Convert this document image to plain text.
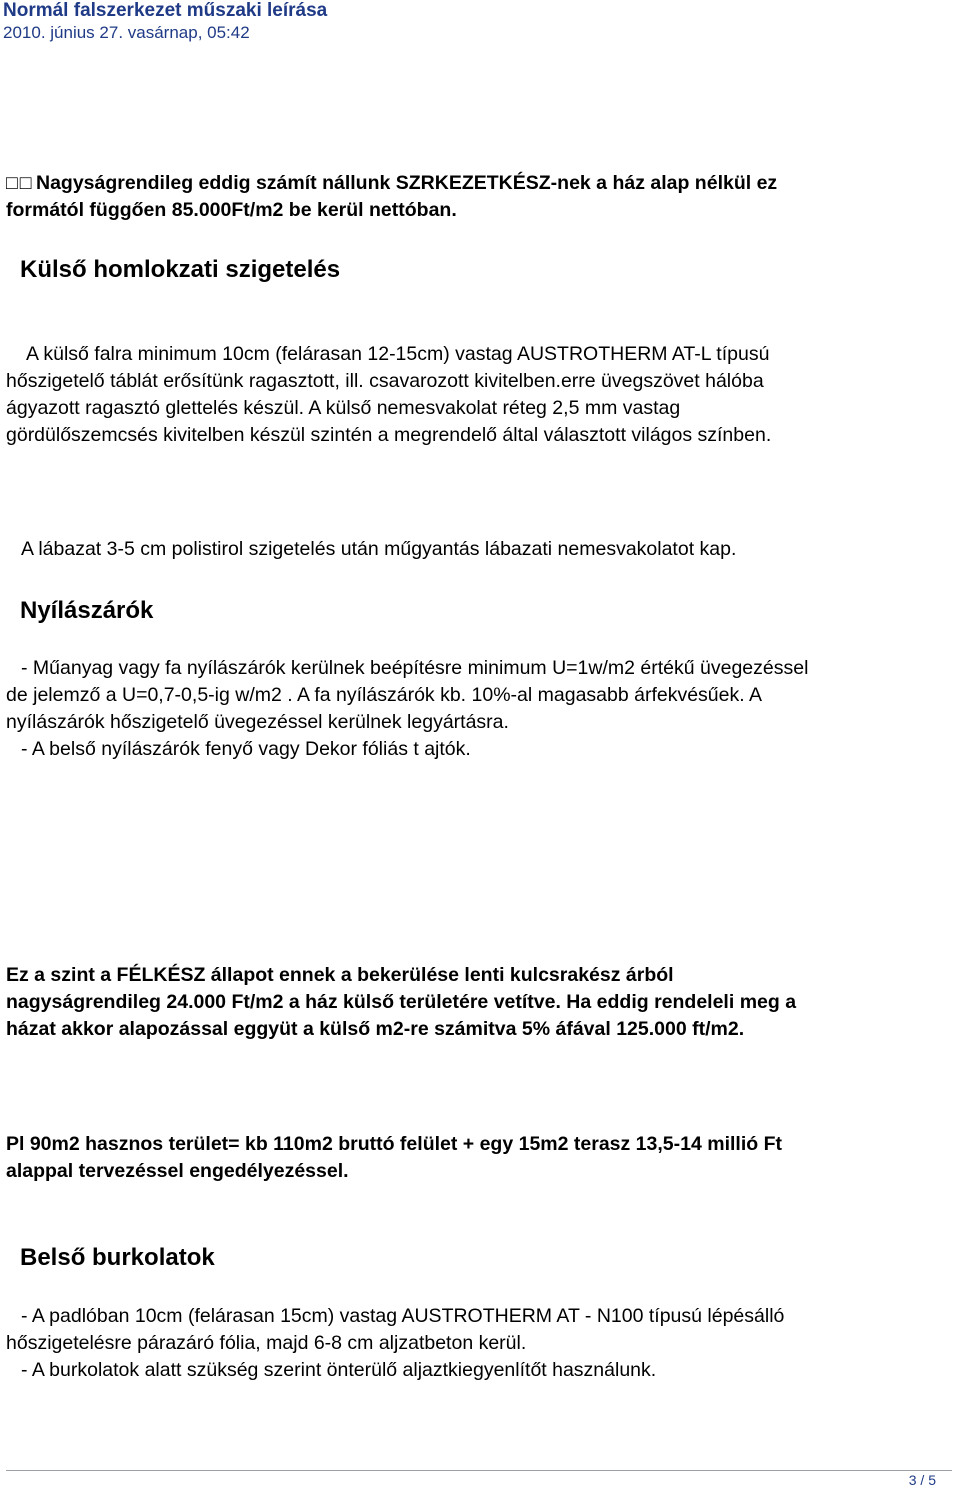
Normál falszerkezet műszaki leírása
2010. június 27. vasárnap, 05:42
□□ Nagyságrendileg eddig számít nállunk SZRKEZETKÉSZ-nek a ház alap nélkül ez
formától függően 85.000Ft/m2 be kerül nettóban.
Külső homlokzati szigetelés
A külső falra minimum 10cm (felárasan 12-15cm) vastag AUSTROTHERM AT-L típusú
hőszigetelő táblát erősítünk ragasztott, ill. csavarozott kivitelben.erre üvegszövet hálóba
ágyazott ragasztó glettelés készül. A külső nemesvakolat réteg 2,5 mm vastag
gördülőszemcsés kivitelben készül szintén a megrendelő által választott világos színben.
A lábazat 3-5 cm polistirol szigetelés után műgyantás lábazati nemesvakolatot kap.
Nyílászárók
- Műanyag vagy fa nyílászárók kerülnek beépítésre minimum U=1w/m2 értékű üvegezéssel
de jelemző a U=0,7-0,5-ig w/m2 . A fa nyílászárók kb. 10%-al magasabb árfekvésűek. A
nyílászárók hőszigetelő üvegezéssel kerülnek legyártásra.
- A belső nyílászárók fenyő vagy Dekor fóliás t ajtók.
Ez a szint a FÉLKÉSZ állapot ennek a bekerülése lenti kulcsrakész árból
nagyságrendileg 24.000 Ft/m2 a ház külső területére vetítve. Ha eddig rendeleli meg a
házat akkor alapozással eggyüt a külső m2-re számitva 5% áfával 125.000 ft/m2.
Pl 90m2 hasznos terület= kb 110m2 bruttó felület + egy 15m2 terasz 13,5-14 millió Ft
alappal tervezéssel engedélyezéssel.
Belső burkolatok
- A padlóban 10cm (felárasan 15cm) vastag AUSTROTHERM AT - N100 típusú lépésálló
hőszigetelésre párazáró fólia, majd 6-8 cm aljzatbeton kerül.
- A burkolatok alatt szükség szerint önterülő aljaztkiegyenlítőt használunk.
3 / 5
